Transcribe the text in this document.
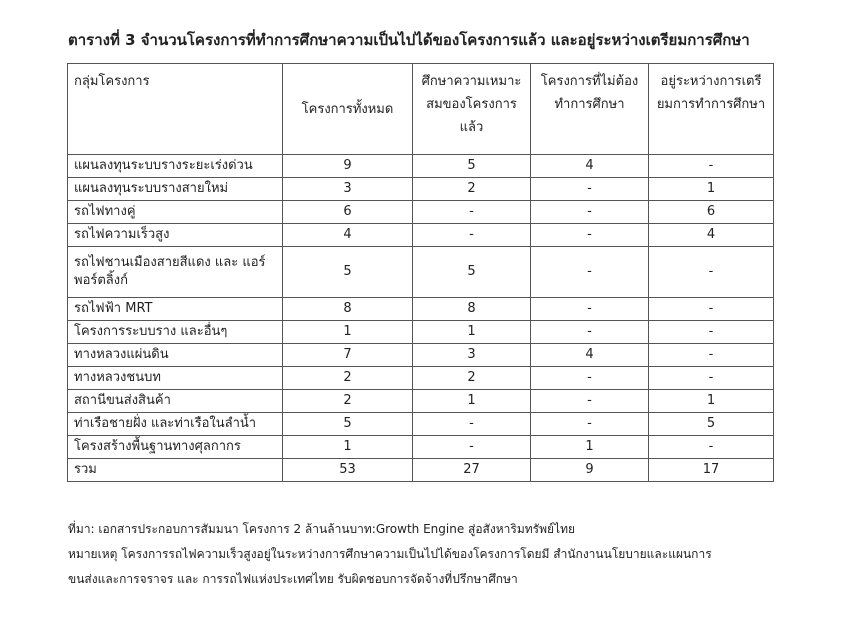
ตารางที่ 3 จำนวนโครงการที่ทำการศึกษาความเป็นไปได้ของโครงการแล้ว และอยู่ระหว่างเตรียมการศึกษา
กลุ่มโครงการ	โครงการทั้งหมด	ศึกษาความเหมาะสมของโครงการแล้ว	โครงการที่ไม่ต้องทำการศึกษา	อยู่ระหว่างการเตรียมการทำการศึกษา
แผนลงทุนระบบรางระยะเร่งด่วน	9	5	4	-
แผนลงทุนระบบรางสายใหม่	3	2	-	1
รถไฟทางคู่	6	-	-	6
รถไฟความเร็วสูง	4	-	-	4
รถไฟชานเมืองสายสีแดง และ แอร์พอร์ตลิ้งก์	5	5	-	-
รถไฟฟ้า MRT	8	8	-	-
โครงการระบบราง และอื่นๆ	1	1	-	-
ทางหลวงแผ่นดิน	7	3	4	-
ทางหลวงชนบท	2	2	-	-
สถานีขนส่งสินค้า	2	1	-	1
ท่าเรือชายฝั่ง และท่าเรือในลำน้ำ	5	-	-	5
โครงสร้างพื้นฐานทางศุลกากร	1	-	1	-
รวม	53	27	9	17
ที่มา: เอกสารประกอบการสัมมนา โครงการ 2 ล้านล้านบาท:Growth Engine สู่อสังหาริมทรัพย์ไทย
หมายเหตุ โครงการรถไฟความเร็วสูงอยู่ในระหว่างการศึกษาความเป็นไปได้ของโครงการโดยมี สำนักงานนโยบายและแผนการ
ขนส่งและการจราจร และ การรถไฟแห่งประเทศไทย รับผิดชอบการจัดจ้างที่ปรึกษาศึกษา
